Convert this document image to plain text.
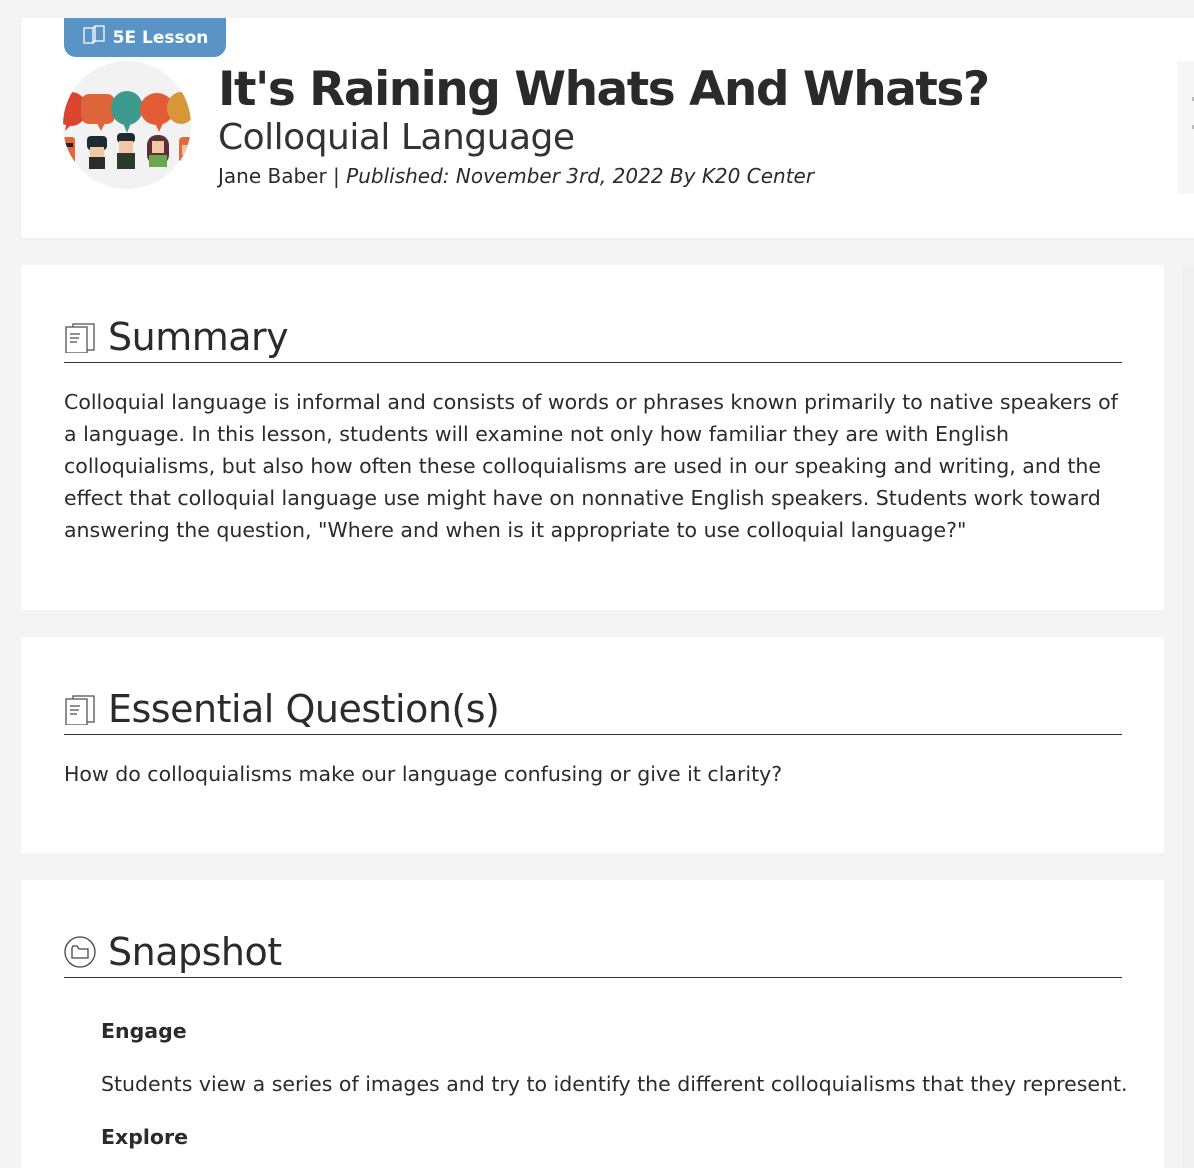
5E Lesson
It's Raining Whats And Whats?
Colloquial Language
Jane Baber | Published: November 3rd, 2022 By K20 Center
Summary
Colloquial language is informal and consists of words or phrases known primarily to native speakers of a language. In this lesson, students will examine not only how familiar they are with English colloquialisms, but also how often these colloquialisms are used in our speaking and writing, and the effect that colloquial language use might have on nonnative English speakers. Students work toward answering the question, "Where and when is it appropriate to use colloquial language?"
Essential Question(s)
How do colloquialisms make our language confusing or give it clarity?
Snapshot
Engage
Students view a series of images and try to identify the different colloquialisms that they represent.
Explore
